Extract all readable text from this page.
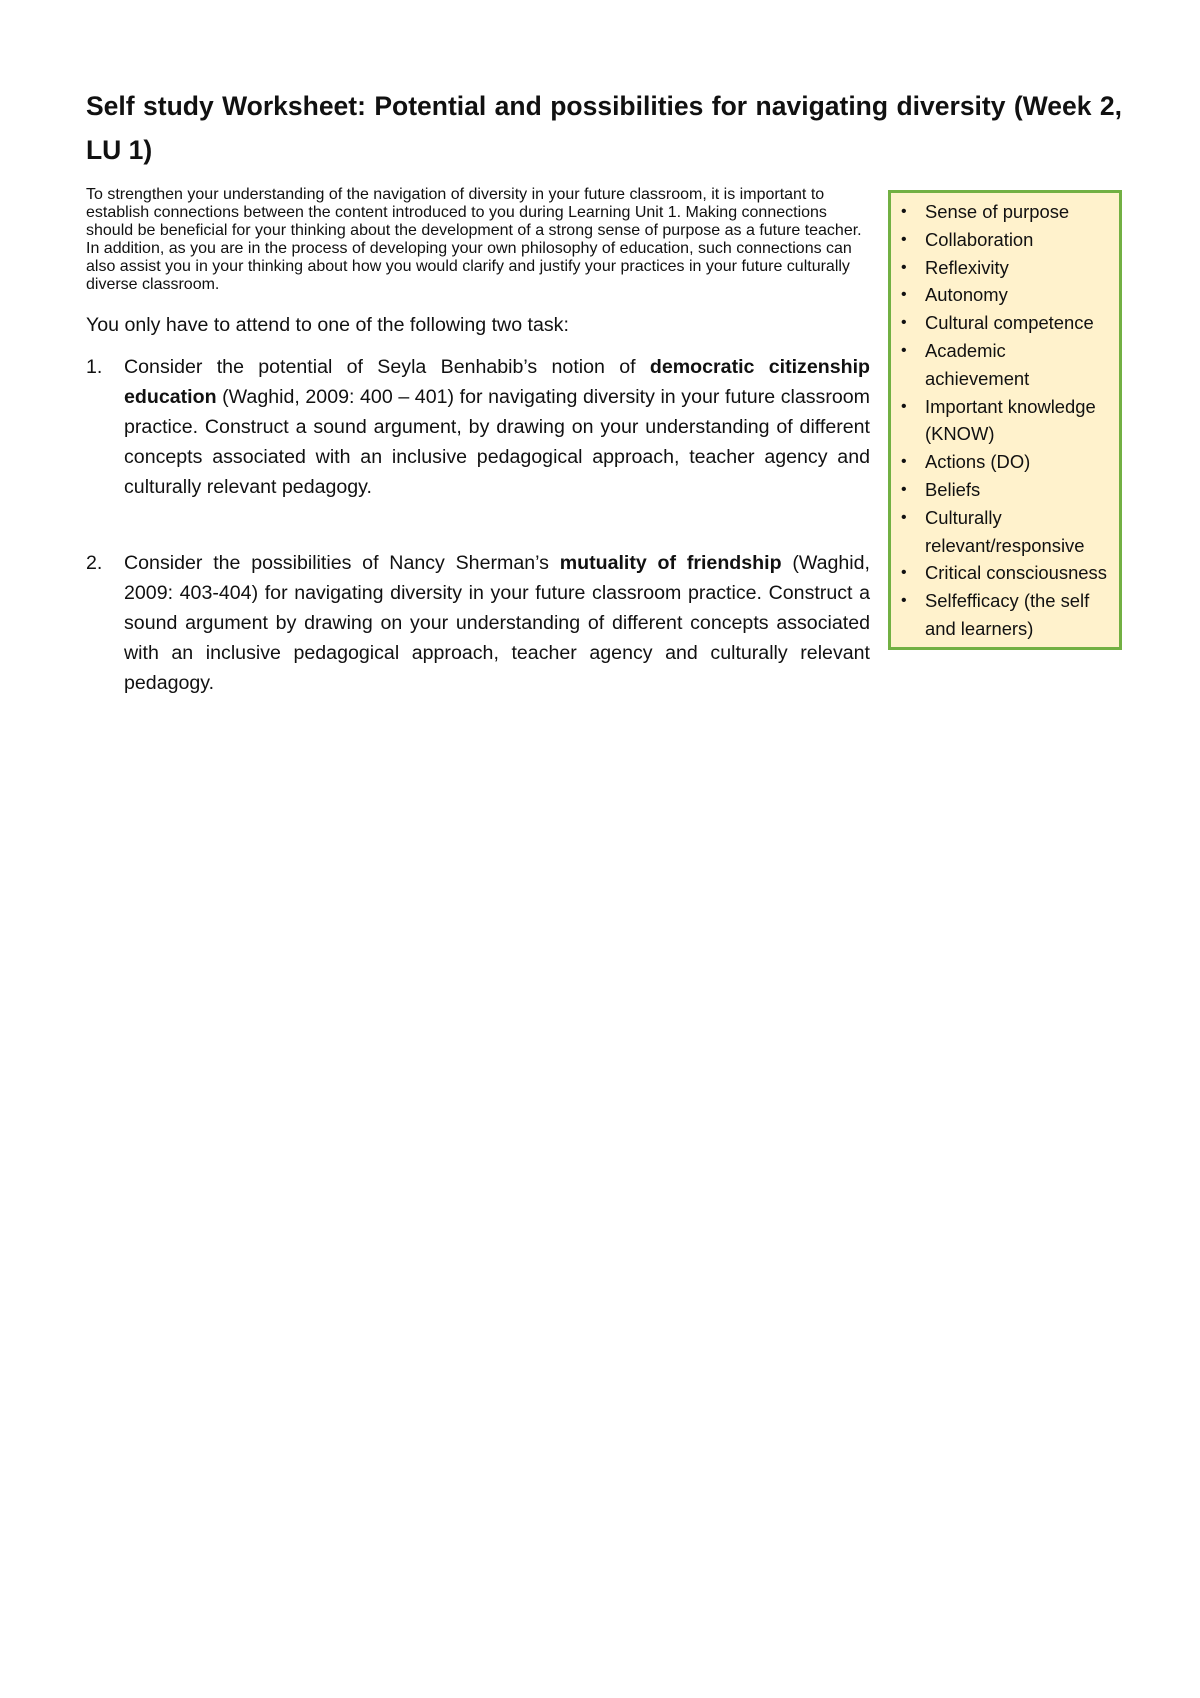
Self study Worksheet: Potential and possibilities for navigating diversity (Week 2, LU 1)

• Sense of purpose
• Collaboration
• Reflexivity
• Autonomy
• Cultural competence
• Academic achievement
• Important knowledge (KNOW)
• Actions (DO)
• Beliefs
• Culturally relevant/responsive
• Critical consciousness
• Selfefficacy (the self and learners)
To strengthen your understanding of the navigation of diversity in your future classroom, it is important to establish connections between the content introduced to you during Learning Unit 1. Making connections should be beneficial for your thinking about the development of a strong sense of purpose as a future teacher. In addition, as you are in the process of developing your own philosophy of education, such connections can also assist you in your thinking about how you would clarify and justify your practices in your future culturally diverse classroom.

You only have to attend to one of the following two task:

1. Consider the potential of Seyla Benhabib’s notion of democratic citizenship education (Waghid, 2009: 400 – 401) for navigating diversity in your future classroom practice. Construct a sound argument, by drawing on your understanding of different concepts associated with an inclusive pedagogical approach, teacher agency and culturally relevant pedagogy.
2. Consider the possibilities of Nancy Sherman’s mutuality of friendship (Waghid, 2009: 403-404) for navigating diversity in your future classroom practice. Construct a sound argument by drawing on your understanding of different concepts associated with an inclusive pedagogical approach, teacher agency and culturally relevant pedagogy.
